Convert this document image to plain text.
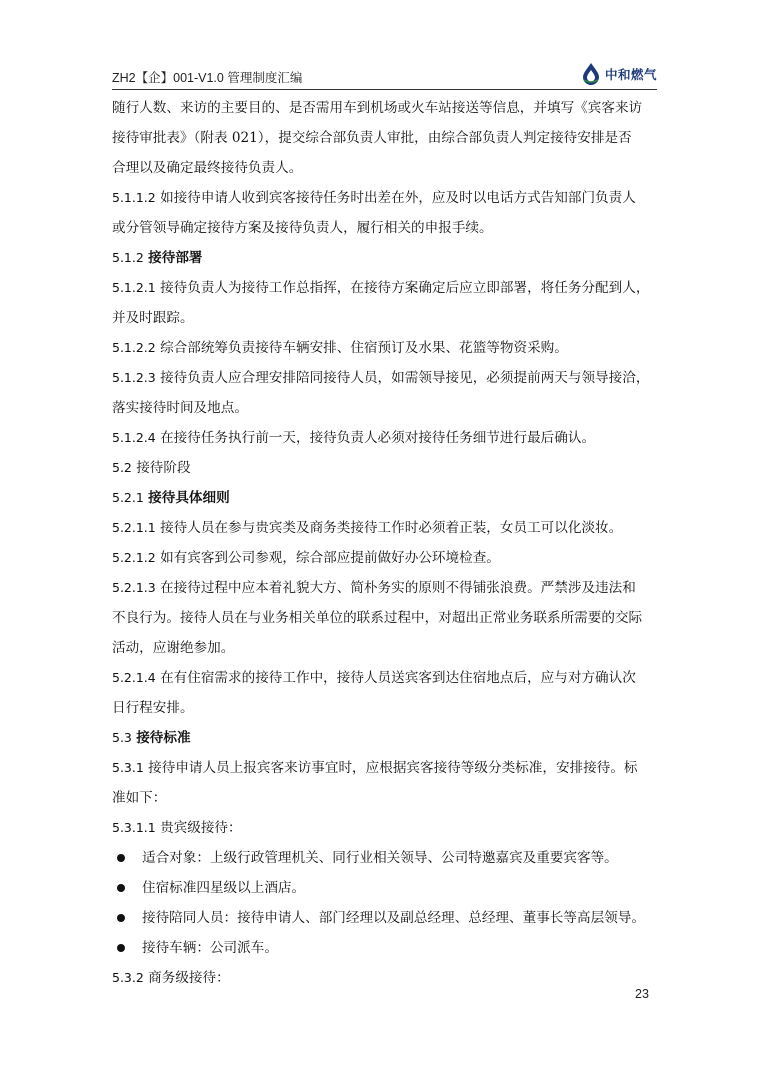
ZH2【企】001-V1.0 管理制度汇编	中和燃气

随行人数、来访的主要目的、是否需用车到机场或火车站接送等信息，并填写《宾客来访

接待审批表》（附表 021），提交综合部负责人审批，由综合部负责人判定接待安排是否

合理以及确定最终接待负责人。

5.1.1.2 如接待申请人收到宾客接待任务时出差在外，应及时以电话方式告知部门负责人

或分管领导确定接待方案及接待负责人，履行相关的申报手续。

5.1.2 接待部署

5.1.2.1 接待负责人为接待工作总指挥，在接待方案确定后应立即部署，将任务分配到人，

并及时跟踪。

5.1.2.2 综合部统筹负责接待车辆安排、住宿预订及水果、花篮等物资采购。

5.1.2.3 接待负责人应合理安排陪同接待人员，如需领导接见，必须提前两天与领导接洽，

落实接待时间及地点。

5.1.2.4 在接待任务执行前一天，接待负责人必须对接待任务细节进行最后确认。

5.2 接待阶段

5.2.1 接待具体细则

5.2.1.1 接待人员在参与贵宾类及商务类接待工作时必须着正装，女员工可以化淡妆。

5.2.1.2 如有宾客到公司参观，综合部应提前做好办公环境检查。

5.2.1.3 在接待过程中应本着礼貌大方、简朴务实的原则不得铺张浪费。严禁涉及违法和

不良行为。接待人员在与业务相关单位的联系过程中，对超出正常业务联系所需要的交际

活动，应谢绝参加。

5.2.1.4 在有住宿需求的接待工作中，接待人员送宾客到达住宿地点后，应与对方确认次

日行程安排。

5.3 接待标准

5.3.1 接待申请人员上报宾客来访事宜时，应根据宾客接待等级分类标准，安排接待。标

准如下：

5.3.1.1 贵宾级接待：

适合对象：上级行政管理机关、同行业相关领导、公司特邀嘉宾及重要宾客等。

住宿标准四星级以上酒店。

接待陪同人员：接待申请人、部门经理以及副总经理、总经理、董事长等高层领导。

接待车辆：公司派车。

5.3.2 商务级接待：

23
